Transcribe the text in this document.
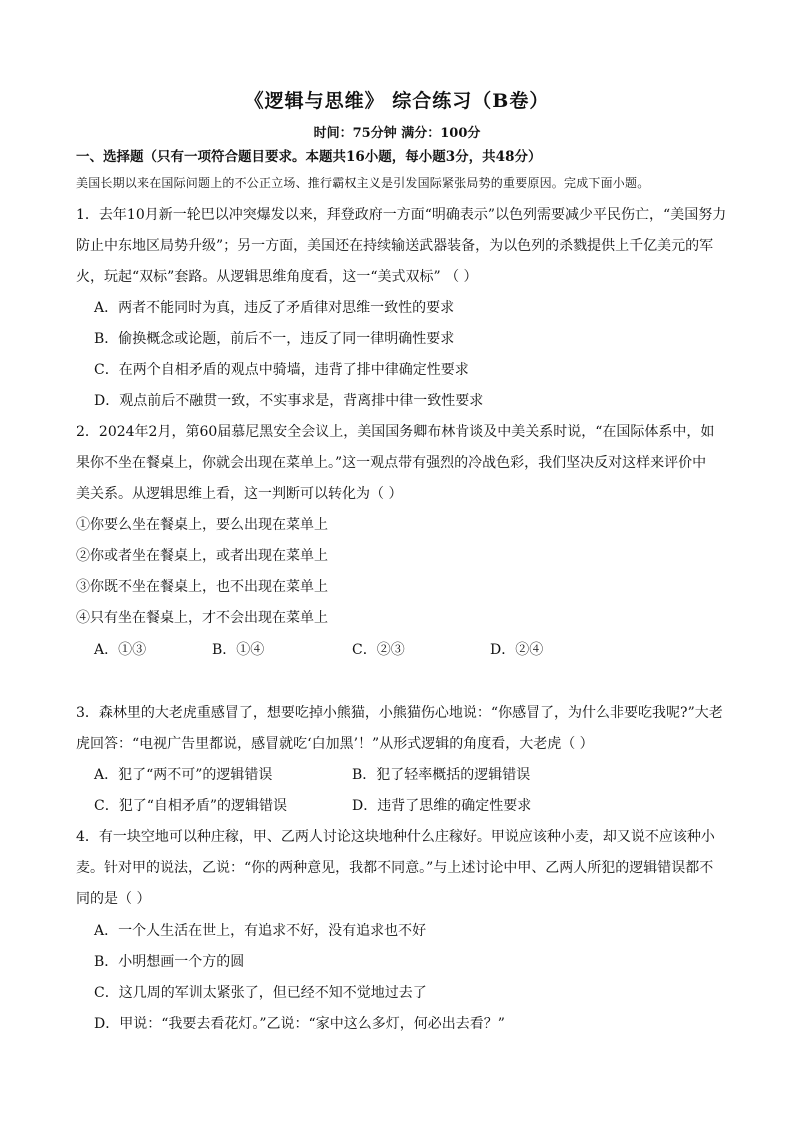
《逻辑与思维》 综合练习（B卷）
时间：75分钟 满分：100分
一、选择题（只有一项符合题目要求。本题共16小题，每小题3分，共48分）
美国长期以来在国际问题上的不公正立场、推行霸权主义是引发国际紧张局势的重要原因。完成下面小题。
1．去年10月新一轮巴以冲突爆发以来，拜登政府一方面“明确表示”以色列需要减少平民伤亡，“美国努力
防止中东地区局势升级”；另一方面，美国还在持续输送武器装备，为以色列的杀戮提供上千亿美元的军
火，玩起“双标”套路。从逻辑思维角度看，这一“美式双标” （ ）
A．两者不能同时为真，违反了矛盾律对思维一致性的要求
B．偷换概念或论题，前后不一，违反了同一律明确性要求
C．在两个自相矛盾的观点中骑墙，违背了排中律确定性要求
D．观点前后不融贯一致，不实事求是，背离排中律一致性要求
2．2024年2月，第60届慕尼黑安全会议上，美国国务卿布林肯谈及中美关系时说，“在国际体系中，如
果你不坐在餐桌上，你就会出现在菜单上。”这一观点带有强烈的冷战色彩，我们坚决反对这样来评价中
美关系。从逻辑思维上看，这一判断可以转化为（ ）
①你要么坐在餐桌上，要么出现在菜单上
②你或者坐在餐桌上，或者出现在菜单上
③你既不坐在餐桌上，也不出现在菜单上
④只有坐在餐桌上，才不会出现在菜单上
A．①③	B．①④	C．②③	D．②④
3．森林里的大老虎重感冒了，想要吃掉小熊猫，小熊猫伤心地说：“你感冒了，为什么非要吃我呢?”大老
虎回答：“电视广告里都说，感冒就吃‘白加黑’！”从形式逻辑的角度看，大老虎（ ）
A．犯了“两不可”的逻辑错误	B．犯了轻率概括的逻辑错误
C．犯了“自相矛盾”的逻辑错误	D．违背了思维的确定性要求
4．有一块空地可以种庄稼，甲、乙两人讨论这块地种什么庄稼好。甲说应该种小麦，却又说不应该种小
麦。针对甲的说法，乙说：“你的两种意见，我都不同意。”与上述讨论中甲、乙两人所犯的逻辑错误都不
同的是（ ）
A．一个人生活在世上，有追求不好，没有追求也不好
B．小明想画一个方的圆
C．这几周的军训太紧张了，但已经不知不觉地过去了
D．甲说：“我要去看花灯。”乙说：“家中这么多灯，何必出去看？”
